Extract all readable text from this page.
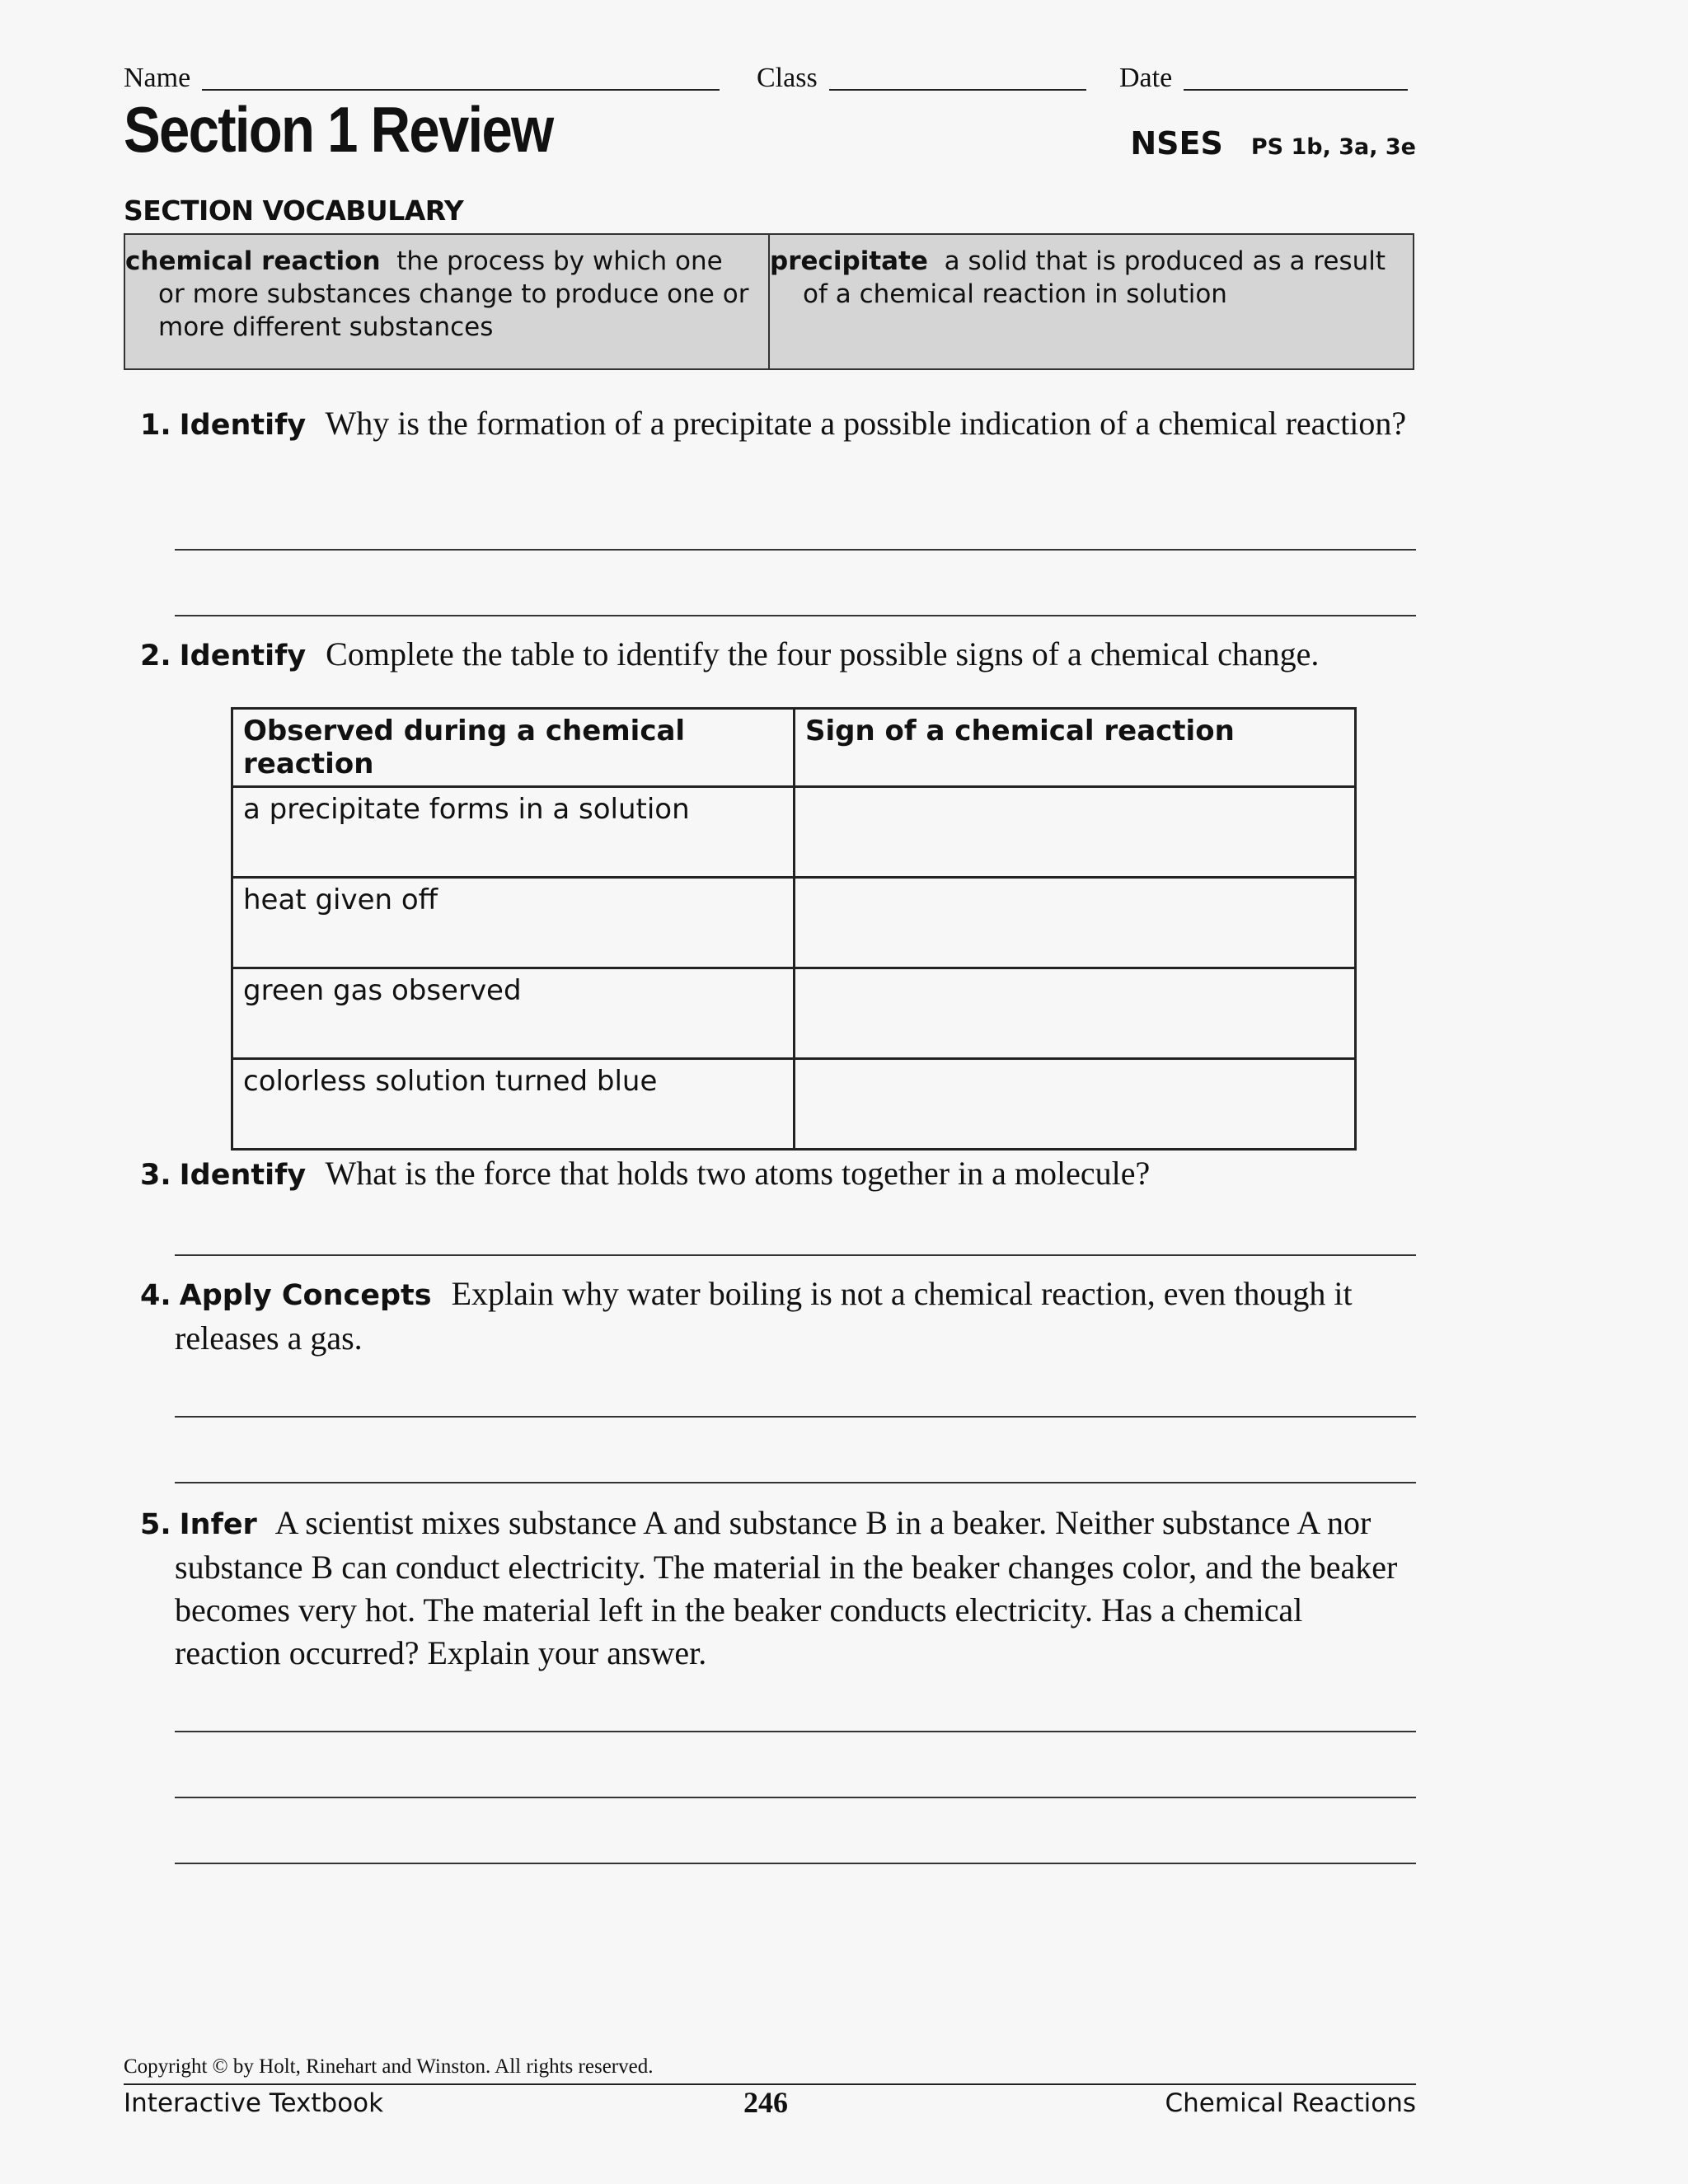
Name	Class	Date
Section 1 Review	NSES PS 1b, 3a, 3e
SECTION VOCABULARY
chemical reaction the process by which one or more substances change to produce one or more different substances
precipitate a solid that is produced as a result of a chemical reaction in solution
1. Identify Why is the formation of a precipitate a possible indication of a chemical reaction?
2. Identify Complete the table to identify the four possible signs of a chemical change.
Observed during a chemical reaction	Sign of a chemical reaction
a precipitate forms in a solution	
heat given off	
green gas observed	
colorless solution turned blue	
3. Identify What is the force that holds two atoms together in a molecule?
4. Apply Concepts Explain why water boiling is not a chemical reaction, even though it releases a gas.
5. Infer A scientist mixes substance A and substance B in a beaker. Neither substance A nor substance B can conduct electricity. The material in the beaker changes color, and the beaker becomes very hot. The material left in the beaker conducts electricity. Has a chemical reaction occurred? Explain your answer.
Copyright © by Holt, Rinehart and Winston. All rights reserved.
Interactive Textbook	246	Chemical Reactions
